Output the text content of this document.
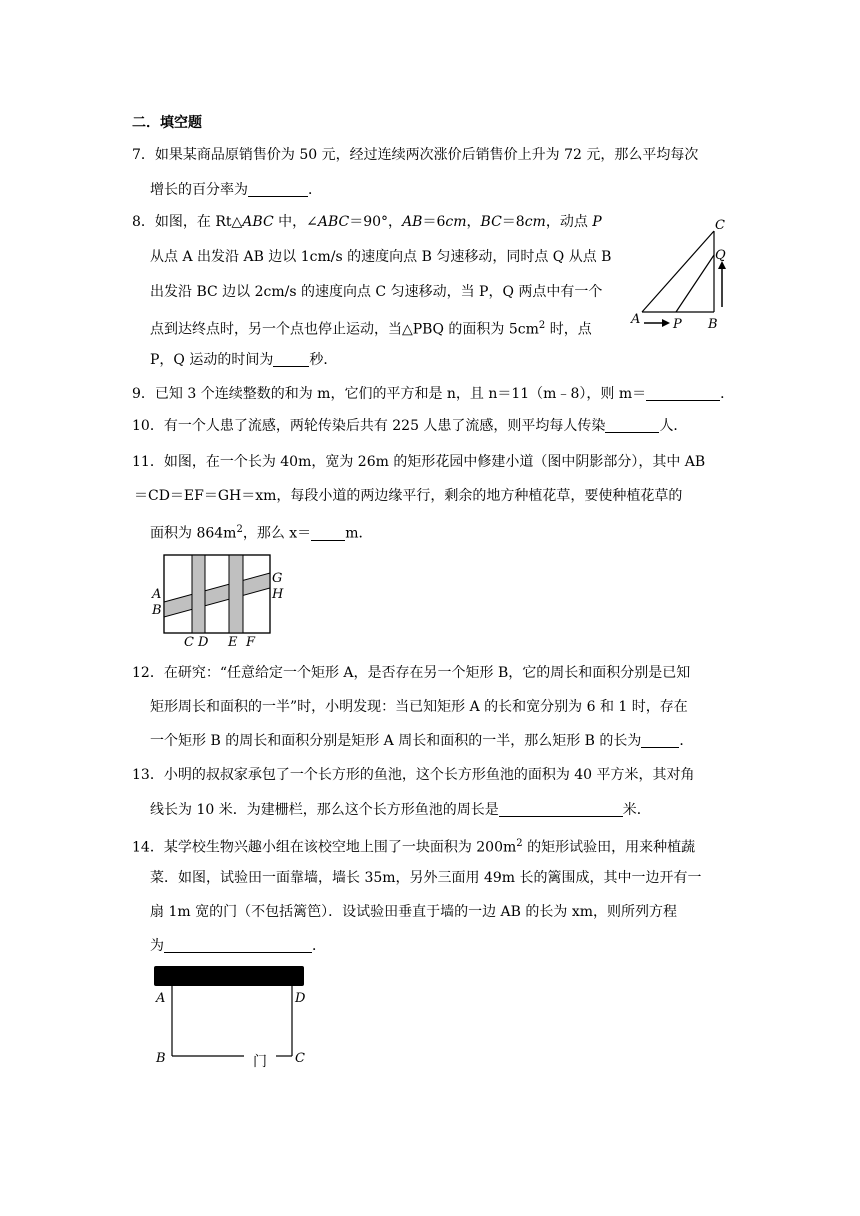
二．填空题
7．如果某商品原销售价为 50 元，经过连续两次涨价后销售价上升为 72 元，那么平均每次
增长的百分率为	．
8．如图，在 Rt△ABC 中，∠ABC＝90°，AB＝6cm，BC＝8cm，动点 P
从点 A 出发沿 AB 边以 1cm/s 的速度向点 B 匀速移动，同时点 Q 从点 B
出发沿 BC 边以 2cm/s 的速度向点 C 匀速移动，当 P，Q 两点中有一个
点到达终点时，另一个点也停止运动，当△PBQ 的面积为 $5cm^2$ 时，点
P，Q 运动的时间为	秒．
C
Q
A	P B
9．已知 3 个连续整数的和为 m，它们的平方和是 n，且 n＝11（m﹣8），则 m＝	．
10．有一个人患了流感，两轮传染后共有 225 人患了流感，则平均每人传染	人．
11．如图，在一个长为 40m，宽为 26m 的矩形花园中修建小道（图中阴影部分），其中 AB
＝CD＝EF＝GH＝xm，每段小道的两边缘平行，剩余的地方种植花草，要使种植花草的
面积为 $864m^2$，那么 x＝ m．
A
B
G
H
C D E F
12．在研究：“任意给定一个矩形 A，是否存在另一个矩形 B，它的周长和面积分别是已知
矩形周长和面积的一半”时，小明发现：当已知矩形 A 的长和宽分别为 6 和 1 时，存在
一个矩形 B 的周长和面积分别是矩形 A 周长和面积的一半，那么矩形 B 的长为	．
13．小明的叔叔家承包了一个长方形的鱼池，这个长方形鱼池的面积为 40 平方米，其对角
线长为 10 米．为建栅栏，那么这个长方形鱼池的周长是	米．
14．某学校生物兴趣小组在该校空地上围了一块面积为 $200m^2$ 的矩形试验田，用来种植蔬
菜．如图，试验田一面靠墙，墙长 35m，另外三面用 49m 长的篱围成，其中一边开有一
扇 1m 宽的门（不包括篱笆）．设试验田垂直于墙的一边 AB 的长为 xm，则所列方程
为	．
A	D
B	C
门
